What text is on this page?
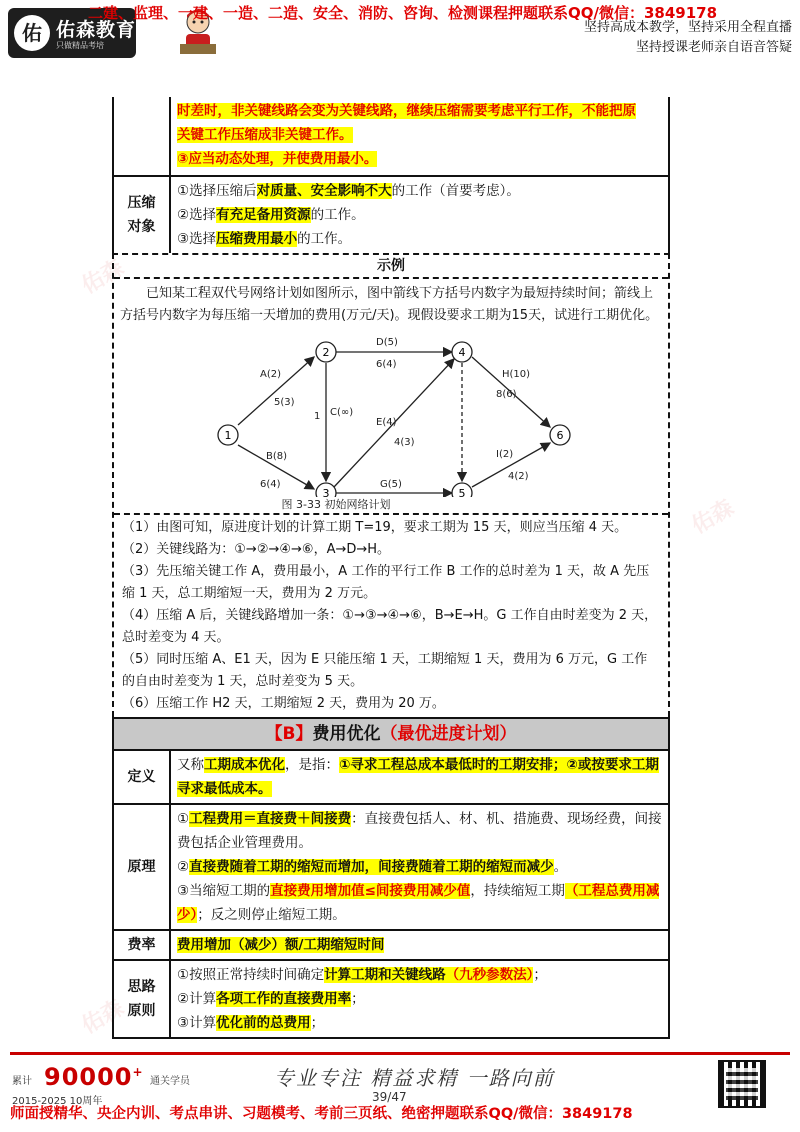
佑 佑森教育
只做精品考培
二建、监理、一建、一造、二造、安全、消防、咨询、检测课程押题联系QQ/微信：3849178
坚持高成本教学，坚持采用全程直播
坚持授课老师亲自语音答疑
佑森
佑森
佑森

时差时，非关键线路会变为关键线路，继续压缩需要考虑平行工作，不能把原

关键工作压缩成非关键工作。

③应当动态处理，并使费用最小。

压缩
对象

①选择压缩后对质量、安全影响不大的工作（首要考虑）。

②选择有充足备用资源的工作。

③选择压缩费用最小的工作。

示例
已知某工程双代号网络计划如图所示，图中箭线下方括号内数字为最短持续时间；箭线上方括号内数字为每压缩一天增加的费用(万元/天)。现假设要求工期为15天，试进行工期优化。
1
2
3
4
5
6
A(2)
5(3)
B(8)
6(4)
1 C(∞)
D(5)
6(4)
E(4)
4(3)
G(5)
H(10)
8(6)
I(2)
4(2)
图 3-33 初始网络计划

（1）由图可知，原进度计划的计算工期 T=19，要求工期为 15 天，则应当压缩 4 天。

（2）关键线路为：①→②→④→⑥，A→D→H。

（3）先压缩关键工作 A，费用最小，A 工作的平行工作 B 工作的总时差为 1 天，故 A 先压缩 1 天，总工期缩短一天，费用为 2 万元。

（4）压缩 A 后，关键线路增加一条：①→③→④→⑥，B→E→H。G 工作自由时差变为 2 天，总时差变为 4 天。

（5）同时压缩 A、E1 天，因为 E 只能压缩 1 天，工期缩短 1 天，费用为 6 万元，G 工作的自由时差变为 1 天，总时差变为 5 天。

（6）压缩工作 H2 天，工期缩短 2 天，费用为 20 万。

【B】费用优化（最优进度计划）
定义
又称工期成本优化，是指：①寻求工程总成本最低时的工期安排；②或按要求工期寻求最低成本。
原理

①工程费用＝直接费＋间接费：直接费包括人、材、机、措施费、现场经费，间接费包括企业管理费用。

②直接费随着工期的缩短而增加，间接费随着工期的缩短而减少。

③当缩短工期的直接费用增加值≤间接费用减少值，持续缩短工期（工程总费用减少）；反之则停止缩短工期。

费率	费用增加（减少）额/工期缩短时间
思路
原则

①按照正常持续时间确定计算工期和关键线路（九秒参数法）；

②计算各项工作的直接费用率；

③计算优化前的总费用；

累计 90000+
通关学员
2015-2025 10周年
专业专注 精益求精 一路向前
39/47
师面授精华、央企内训、考点串讲、习题模考、考前三页纸、绝密押题联系QQ/微信：3849178
